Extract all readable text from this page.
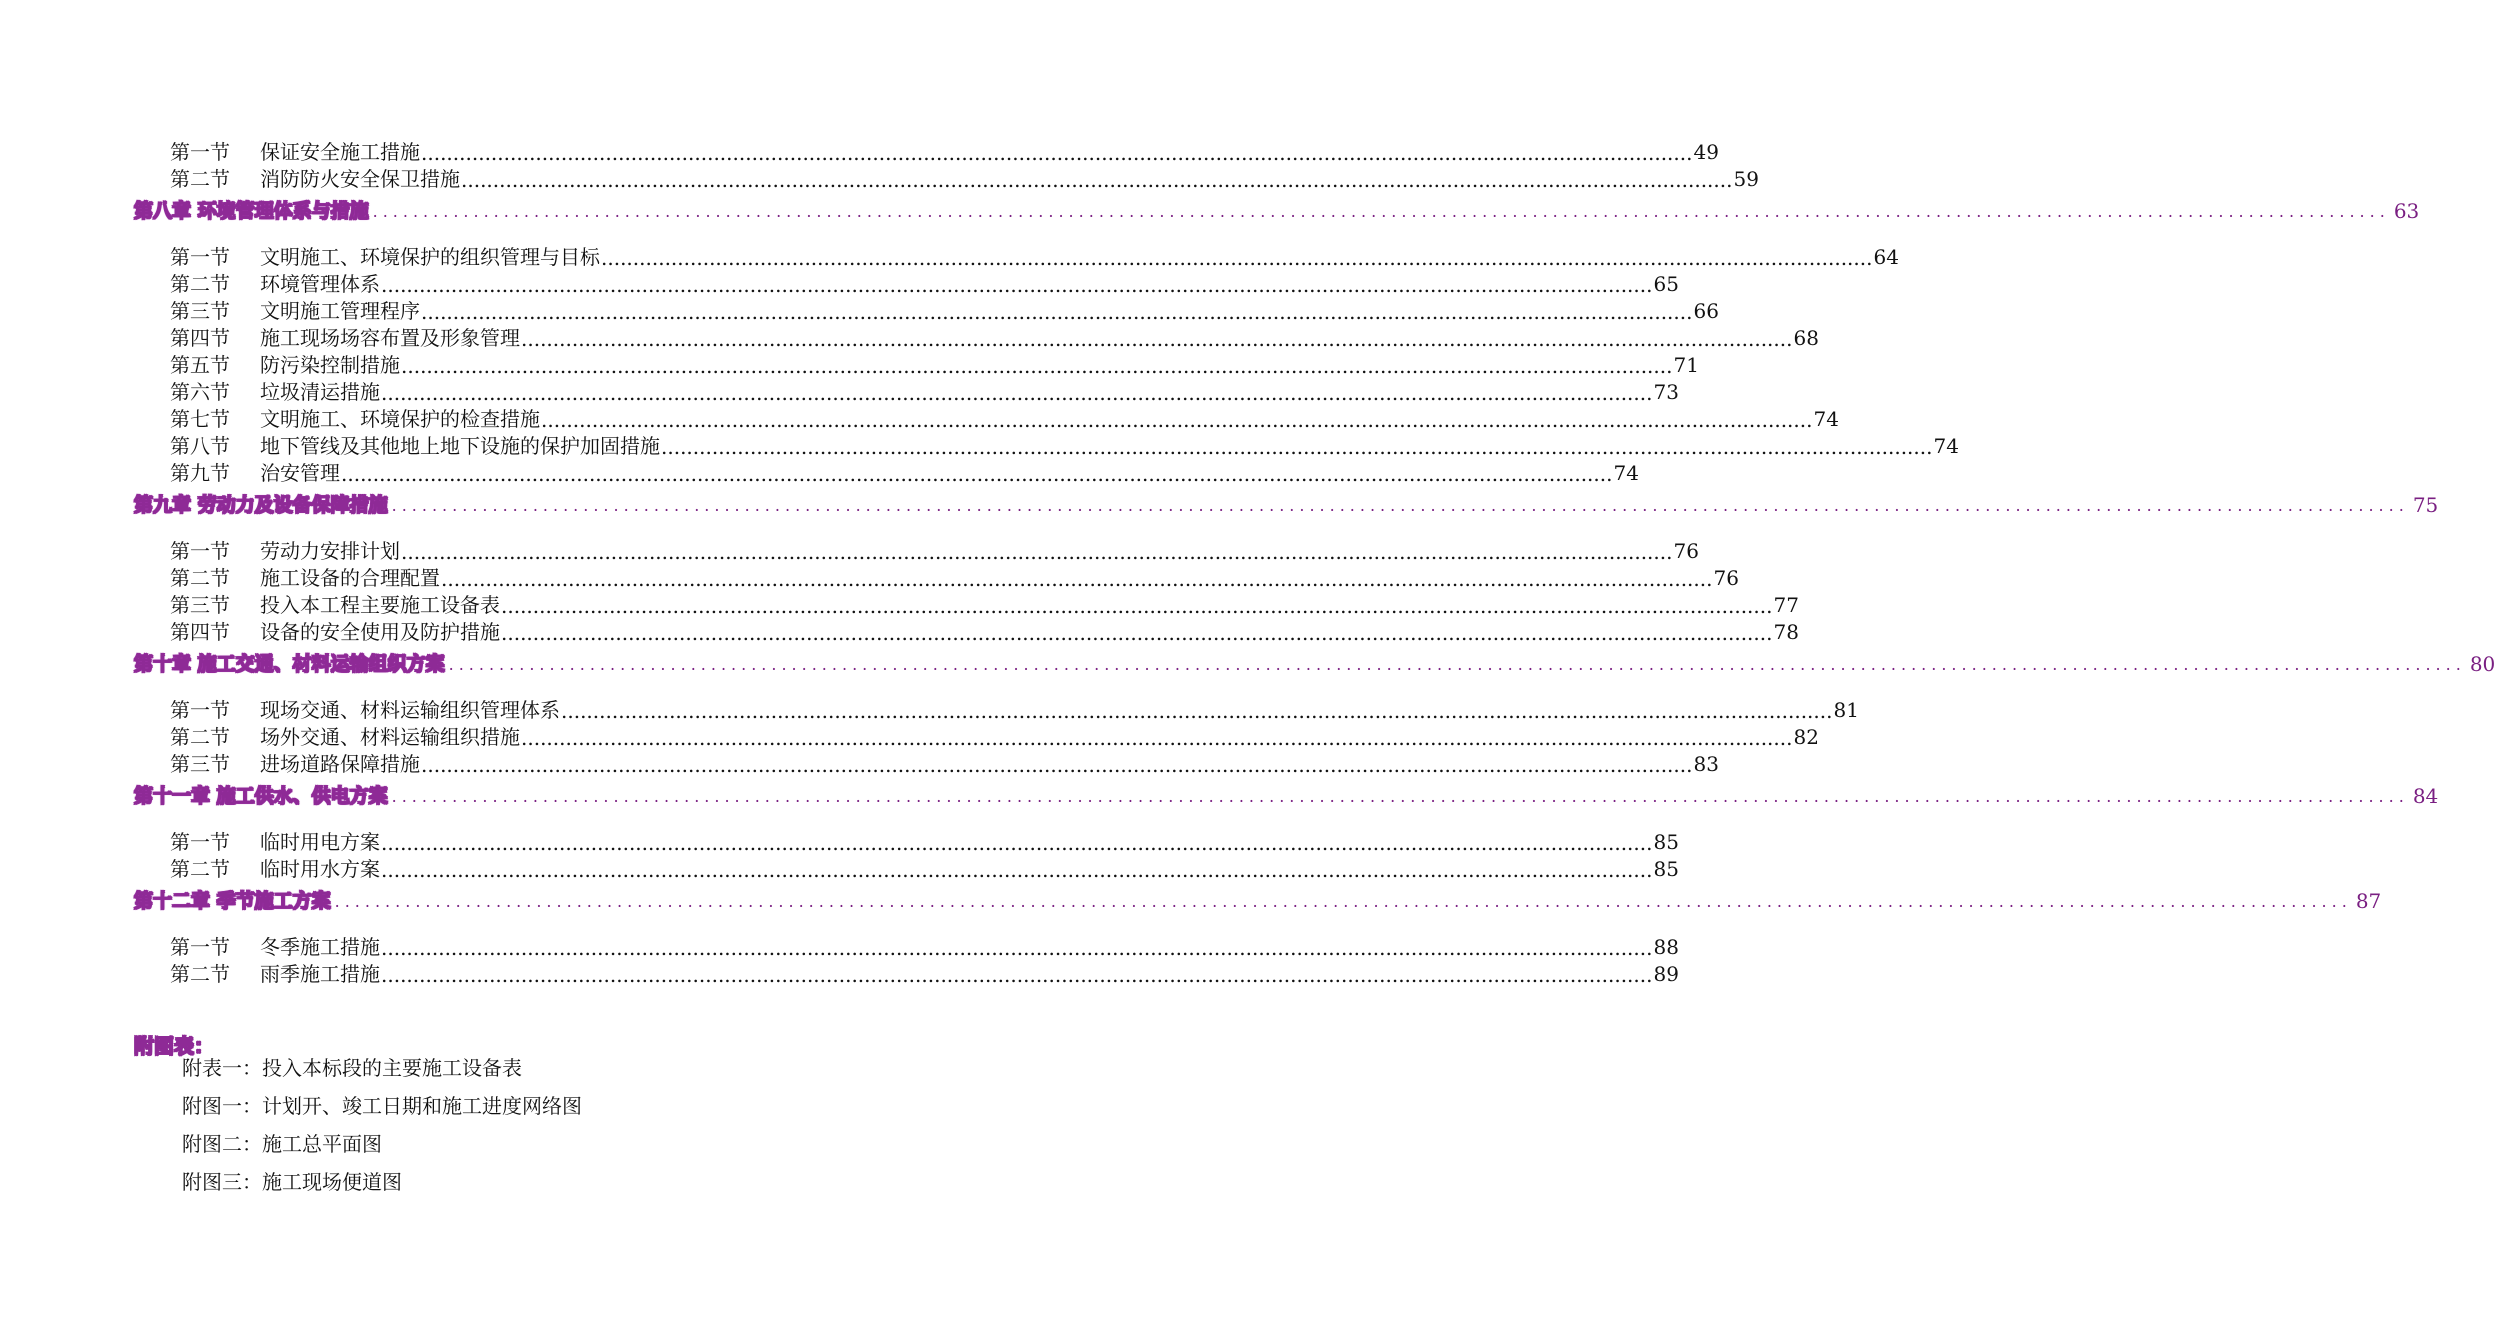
第一节	保证安全施工措施 ........................................................................................................................................................................................................ 49
第二节	消防防火安全保卫措施 ........................................................................................................................................................................................................ 59
第八章 环境管理体系与措施 ........................................................................................................................................................................................................ 63
第一节	文明施工、环境保护的组织管理与目标 ........................................................................................................................................................................................................ 64
第二节	环境管理体系 ........................................................................................................................................................................................................ 65
第三节	文明施工管理程序 ........................................................................................................................................................................................................ 66
第四节	施工现场场容布置及形象管理 ........................................................................................................................................................................................................ 68
第五节	防污染控制措施 ........................................................................................................................................................................................................ 71
第六节	垃圾清运措施 ........................................................................................................................................................................................................ 73
第七节	文明施工、环境保护的检查措施 ........................................................................................................................................................................................................ 74
第八节	地下管线及其他地上地下设施的保护加固措施 ........................................................................................................................................................................................................ 74
第九节	治安管理 ........................................................................................................................................................................................................ 74
第九章 劳动力及设备保障措施 ........................................................................................................................................................................................................ 75
第一节	劳动力安排计划 ........................................................................................................................................................................................................ 76
第二节	施工设备的合理配置 ........................................................................................................................................................................................................ 76
第三节	投入本工程主要施工设备表 ........................................................................................................................................................................................................ 77
第四节	设备的安全使用及防护措施 ........................................................................................................................................................................................................ 78
第十章 施工交通、材料运输组织方案 ........................................................................................................................................................................................................ 80
第一节	现场交通、材料运输组织管理体系 ........................................................................................................................................................................................................ 81
第二节	场外交通、材料运输组织措施 ........................................................................................................................................................................................................ 82
第三节	进场道路保障措施 ........................................................................................................................................................................................................ 83
第十一章 施工供水、供电方案 ........................................................................................................................................................................................................ 84
第一节	临时用电方案 ........................................................................................................................................................................................................ 85
第二节	临时用水方案 ........................................................................................................................................................................................................ 85
第十二章 季节施工方案 ........................................................................................................................................................................................................ 87
第一节	冬季施工措施 ........................................................................................................................................................................................................ 88
第二节	雨季施工措施 ........................................................................................................................................................................................................ 89
附图表：
附表一：投入本标段的主要施工设备表
附图一：计划开、竣工日期和施工进度网络图
附图二：施工总平面图
附图三：施工现场便道图
